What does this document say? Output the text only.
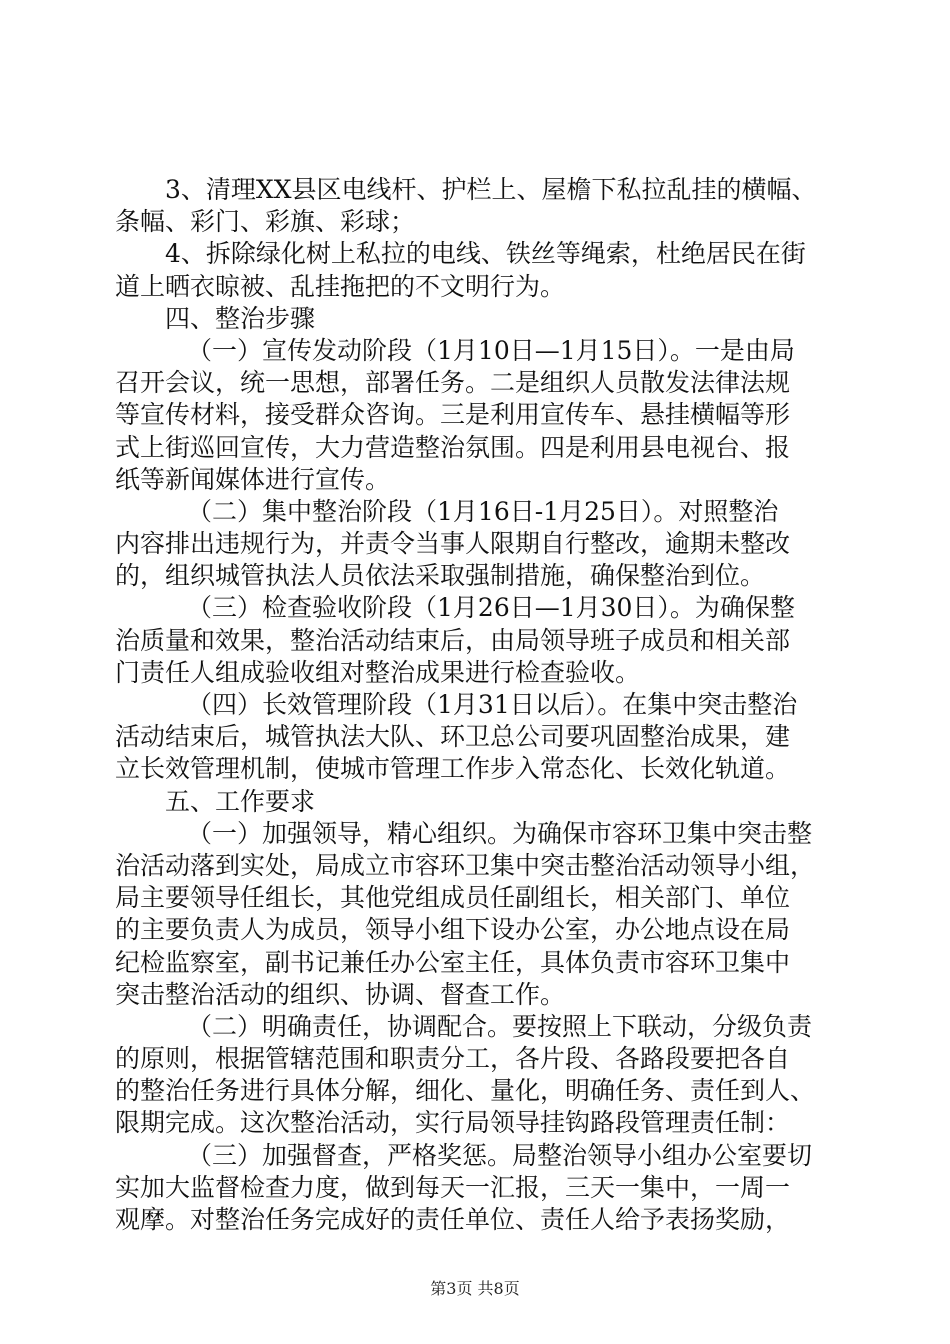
3、清理XX县区电线杆、护栏上、屋檐下私拉乱挂的横幅、
条幅、彩门、彩旗、彩球；
4、拆除绿化树上私拉的电线、铁丝等绳索，杜绝居民在街
道上晒衣晾被、乱挂拖把的不文明行为。
四、整治步骤
（一）宣传发动阶段（1月10日—1月15日）。一是由局
召开会议，统一思想，部署任务。二是组织人员散发法律法规
等宣传材料，接受群众咨询。三是利用宣传车、悬挂横幅等形
式上街巡回宣传，大力营造整治氛围。四是利用县电视台、报
纸等新闻媒体进行宣传。
（二）集中整治阶段（1月16日-1月25日）。对照整治
内容排出违规行为，并责令当事人限期自行整改，逾期未整改
的，组织城管执法人员依法采取强制措施，确保整治到位。
（三）检查验收阶段（1月26日—1月30日）。为确保整
治质量和效果，整治活动结束后，由局领导班子成员和相关部
门责任人组成验收组对整治成果进行检查验收。
（四）长效管理阶段（1月31日以后）。在集中突击整治
活动结束后，城管执法大队、环卫总公司要巩固整治成果，建
立长效管理机制，使城市管理工作步入常态化、长效化轨道。
五、工作要求
（一）加强领导，精心组织。为确保市容环卫集中突击整
治活动落到实处，局成立市容环卫集中突击整治活动领导小组，
局主要领导任组长，其他党组成员任副组长，相关部门、单位
的主要负责人为成员，领导小组下设办公室，办公地点设在局
纪检监察室，副书记兼任办公室主任，具体负责市容环卫集中
突击整治活动的组织、协调、督查工作。
（二）明确责任，协调配合。要按照上下联动，分级负责
的原则，根据管辖范围和职责分工，各片段、各路段要把各自
的整治任务进行具体分解，细化、量化，明确任务、责任到人、
限期完成。这次整治活动，实行局领导挂钩路段管理责任制：
（三）加强督查，严格奖惩。局整治领导小组办公室要切
实加大监督检查力度，做到每天一汇报，三天一集中，一周一
观摩。对整治任务完成好的责任单位、责任人给予表扬奖励，
第3页 共8页
